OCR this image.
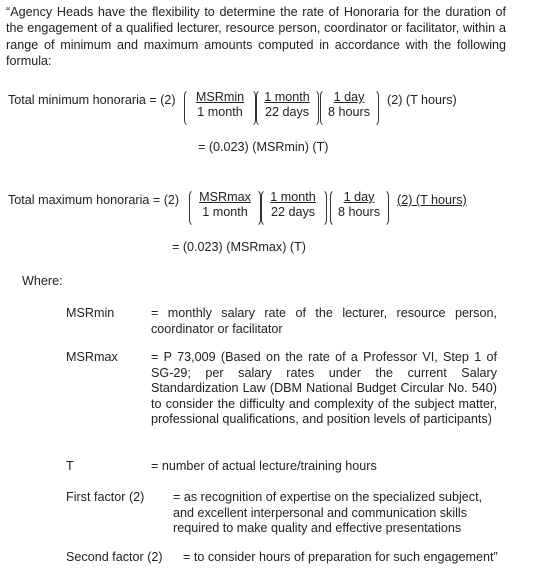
“Agency Heads have the flexibility to determine the rate of Honoraria for the duration of the engagement of a qualified lecturer, resource person, coordinator or facilitator, within a range of minimum and maximum amounts computed in accordance with the following formula:
Total minimum honoraria = (2)	MSRmin
1 month
1 month
22 days
1 day
8 hours
(2) (T hours)
= (0.023) (MSRmin) (T)
Total maximum honoraria = (2)	MSRmax
1 month
1 month
22 days
1 day
8 hours
(2) (T hours)
= (0.023) (MSRmax) (T)
Where:
MSRmin	= monthly salary rate of the lecturer, resource person, coordinator or facilitator
MSRmax	= P 73,009 (Based on the rate of a Professor VI, Step 1 of SG-29; per salary rates under the current Salary Standardization Law (DBM National Budget Circular No. 540) to consider the difficulty and complexity of the subject matter, professional qualifications, and position levels of participants)
T	= number of actual lecture/training hours
First factor (2) = as recognition of expertise on the specialized subject, and excellent interpersonal and communication skills required to make quality and effective presentations
Second factor (2) = to consider hours of preparation for such engagement”
